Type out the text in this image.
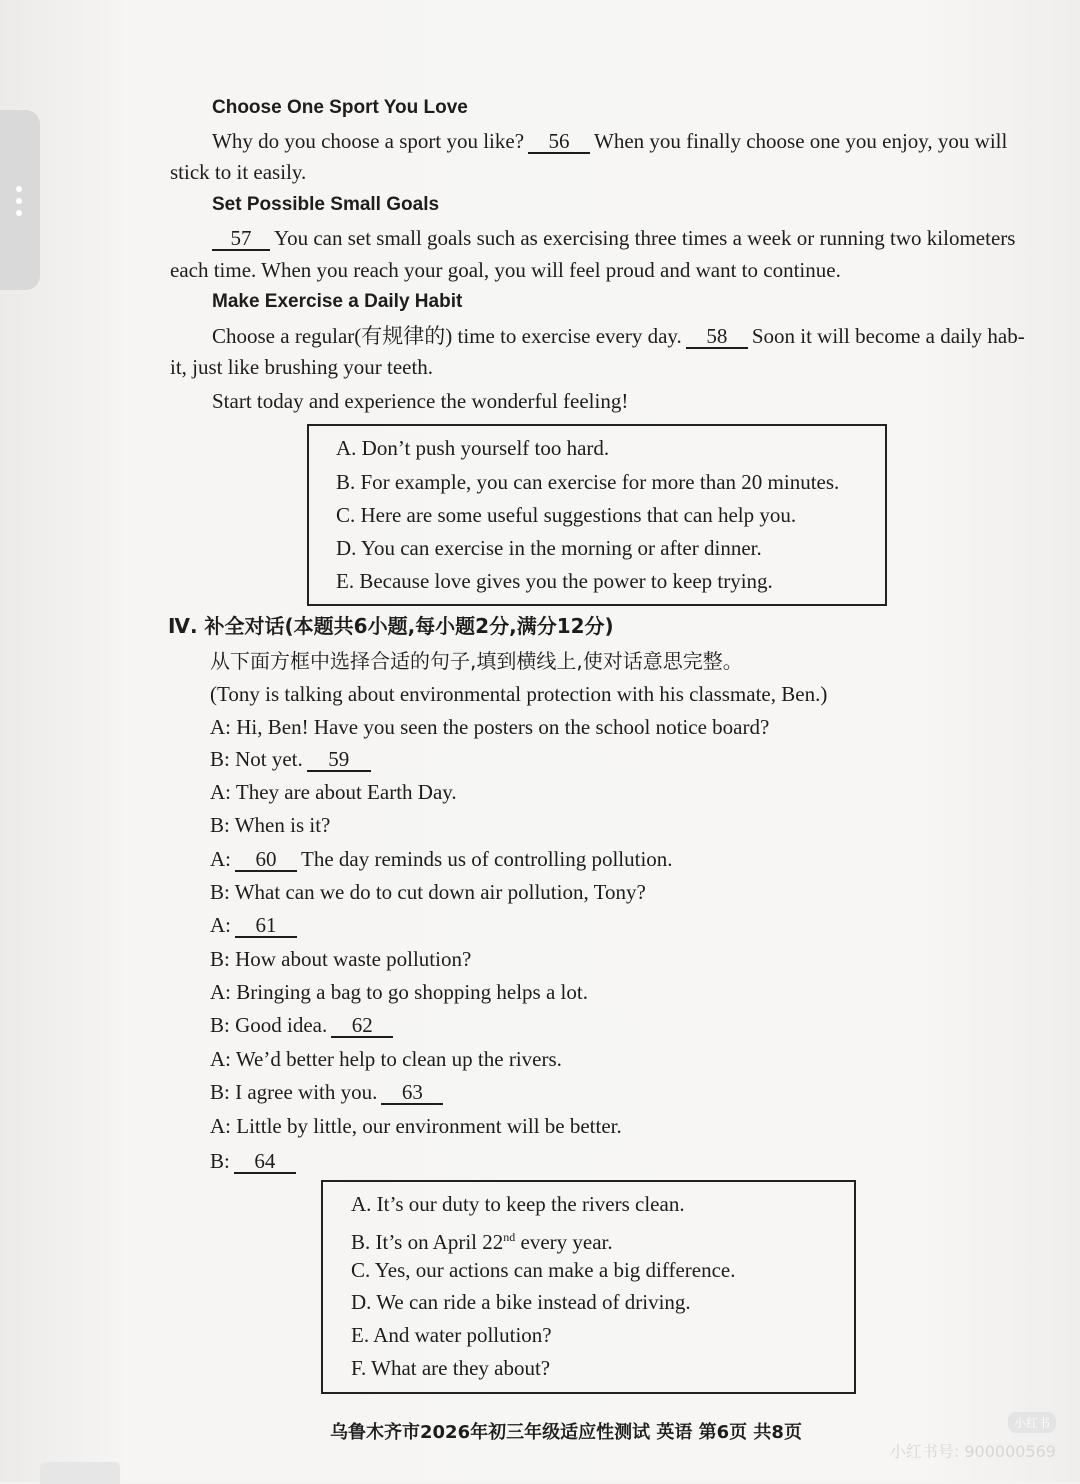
Choose One Sport You Love
Why do you choose a sport you like? 56 When you finally choose one you enjoy, you will
stick to it easily.
Set Possible Small Goals
57 You can set small goals such as exercising three times a week or running two kilometers
each time. When you reach your goal, you will feel proud and want to continue.
Make Exercise a Daily Habit
Choose a regular(有规律的) time to exercise every day. 58 Soon it will become a daily hab-
it, just like brushing your teeth.
Start today and experience the wonderful feeling!
A. Don’t push yourself too hard.
B. For example, you can exercise for more than 20 minutes.
C. Here are some useful suggestions that can help you.
D. You can exercise in the morning or after dinner.
E. Because love gives you the power to keep trying.
Ⅳ. 补全对话(本题共6小题,每小题2分,满分12分)
从下面方框中选择合适的句子,填到横线上,使对话意思完整。
(Tony is talking about environmental protection with his classmate, Ben.)
A: Hi, Ben! Have you seen the posters on the school notice board?
B: Not yet. 59
A: They are about Earth Day.
B: When is it?
A: 60 The day reminds us of controlling pollution.
B: What can we do to cut down air pollution, Tony?
A: 61
B: How about waste pollution?
A: Bringing a bag to go shopping helps a lot.
B: Good idea. 62
A: We’d better help to clean up the rivers.
B: I agree with you. 63
A: Little by little, our environment will be better.
B: 64
A. It’s our duty to keep the rivers clean.
B. It’s on April 22nd every year.
C. Yes, our actions can make a big difference.
D. We can ride a bike instead of driving.
E. And water pollution?
F. What are they about?
乌鲁木齐市2026年初三年级适应性测试 英语 第6页 共8页	小红书
小红书号: 900000569
